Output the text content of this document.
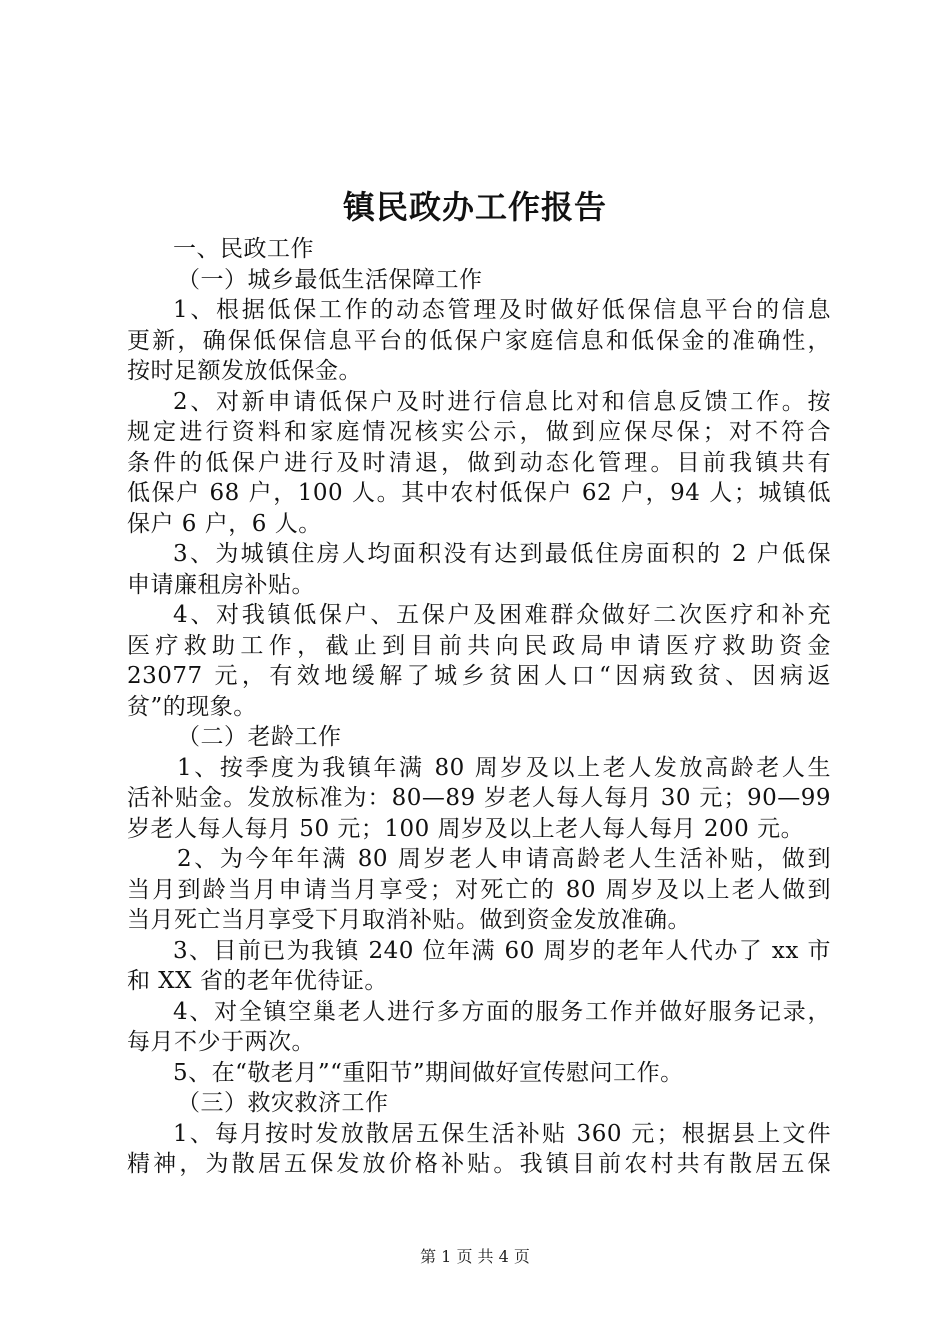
镇民政办工作报告
一、民政工作
（一）城乡最低生活保障工作
1、根据低保工作的动态管理及时做好低保信息平台的信息
更新，确保低保信息平台的低保户家庭信息和低保金的准确性，
按时足额发放低保金。
2、对新申请低保户及时进行信息比对和信息反馈工作。按
规定进行资料和家庭情况核实公示，做到应保尽保；对不符合
条件的低保户进行及时清退，做到动态化管理。目前我镇共有
低保户 68 户，100 人。其中农村低保户 62 户，94 人；城镇低
保户 6 户，6 人。
3、为城镇住房人均面积没有达到最低住房面积的 2 户低保
申请廉租房补贴。
4、对我镇低保户、五保户及困难群众做好二次医疗和补充
医疗救助工作，截止到目前共向民政局申请医疗救助资金
23077 元，有效地缓解了城乡贫困人口“因病致贫、因病返
贫”的现象。
（二）老龄工作
1、按季度为我镇年满 80 周岁及以上老人发放高龄老人生
活补贴金。发放标准为：80—89 岁老人每人每月 30 元；90—99
岁老人每人每月 50 元；100 周岁及以上老人每人每月 200 元。
2、为今年年满 80 周岁老人申请高龄老人生活补贴，做到
当月到龄当月申请当月享受；对死亡的 80 周岁及以上老人做到
当月死亡当月享受下月取消补贴。做到资金发放准确。
3、目前已为我镇 240 位年满 60 周岁的老年人代办了 xx 市
和 XX 省的老年优待证。
4、对全镇空巢老人进行多方面的服务工作并做好服务记录，
每月不少于两次。
5、在“敬老月”“重阳节”期间做好宣传慰问工作。
（三）救灾救济工作
1、每月按时发放散居五保生活补贴 360 元；根据县上文件
精神，为散居五保发放价格补贴。我镇目前农村共有散居五保
第 1 页 共 4 页
